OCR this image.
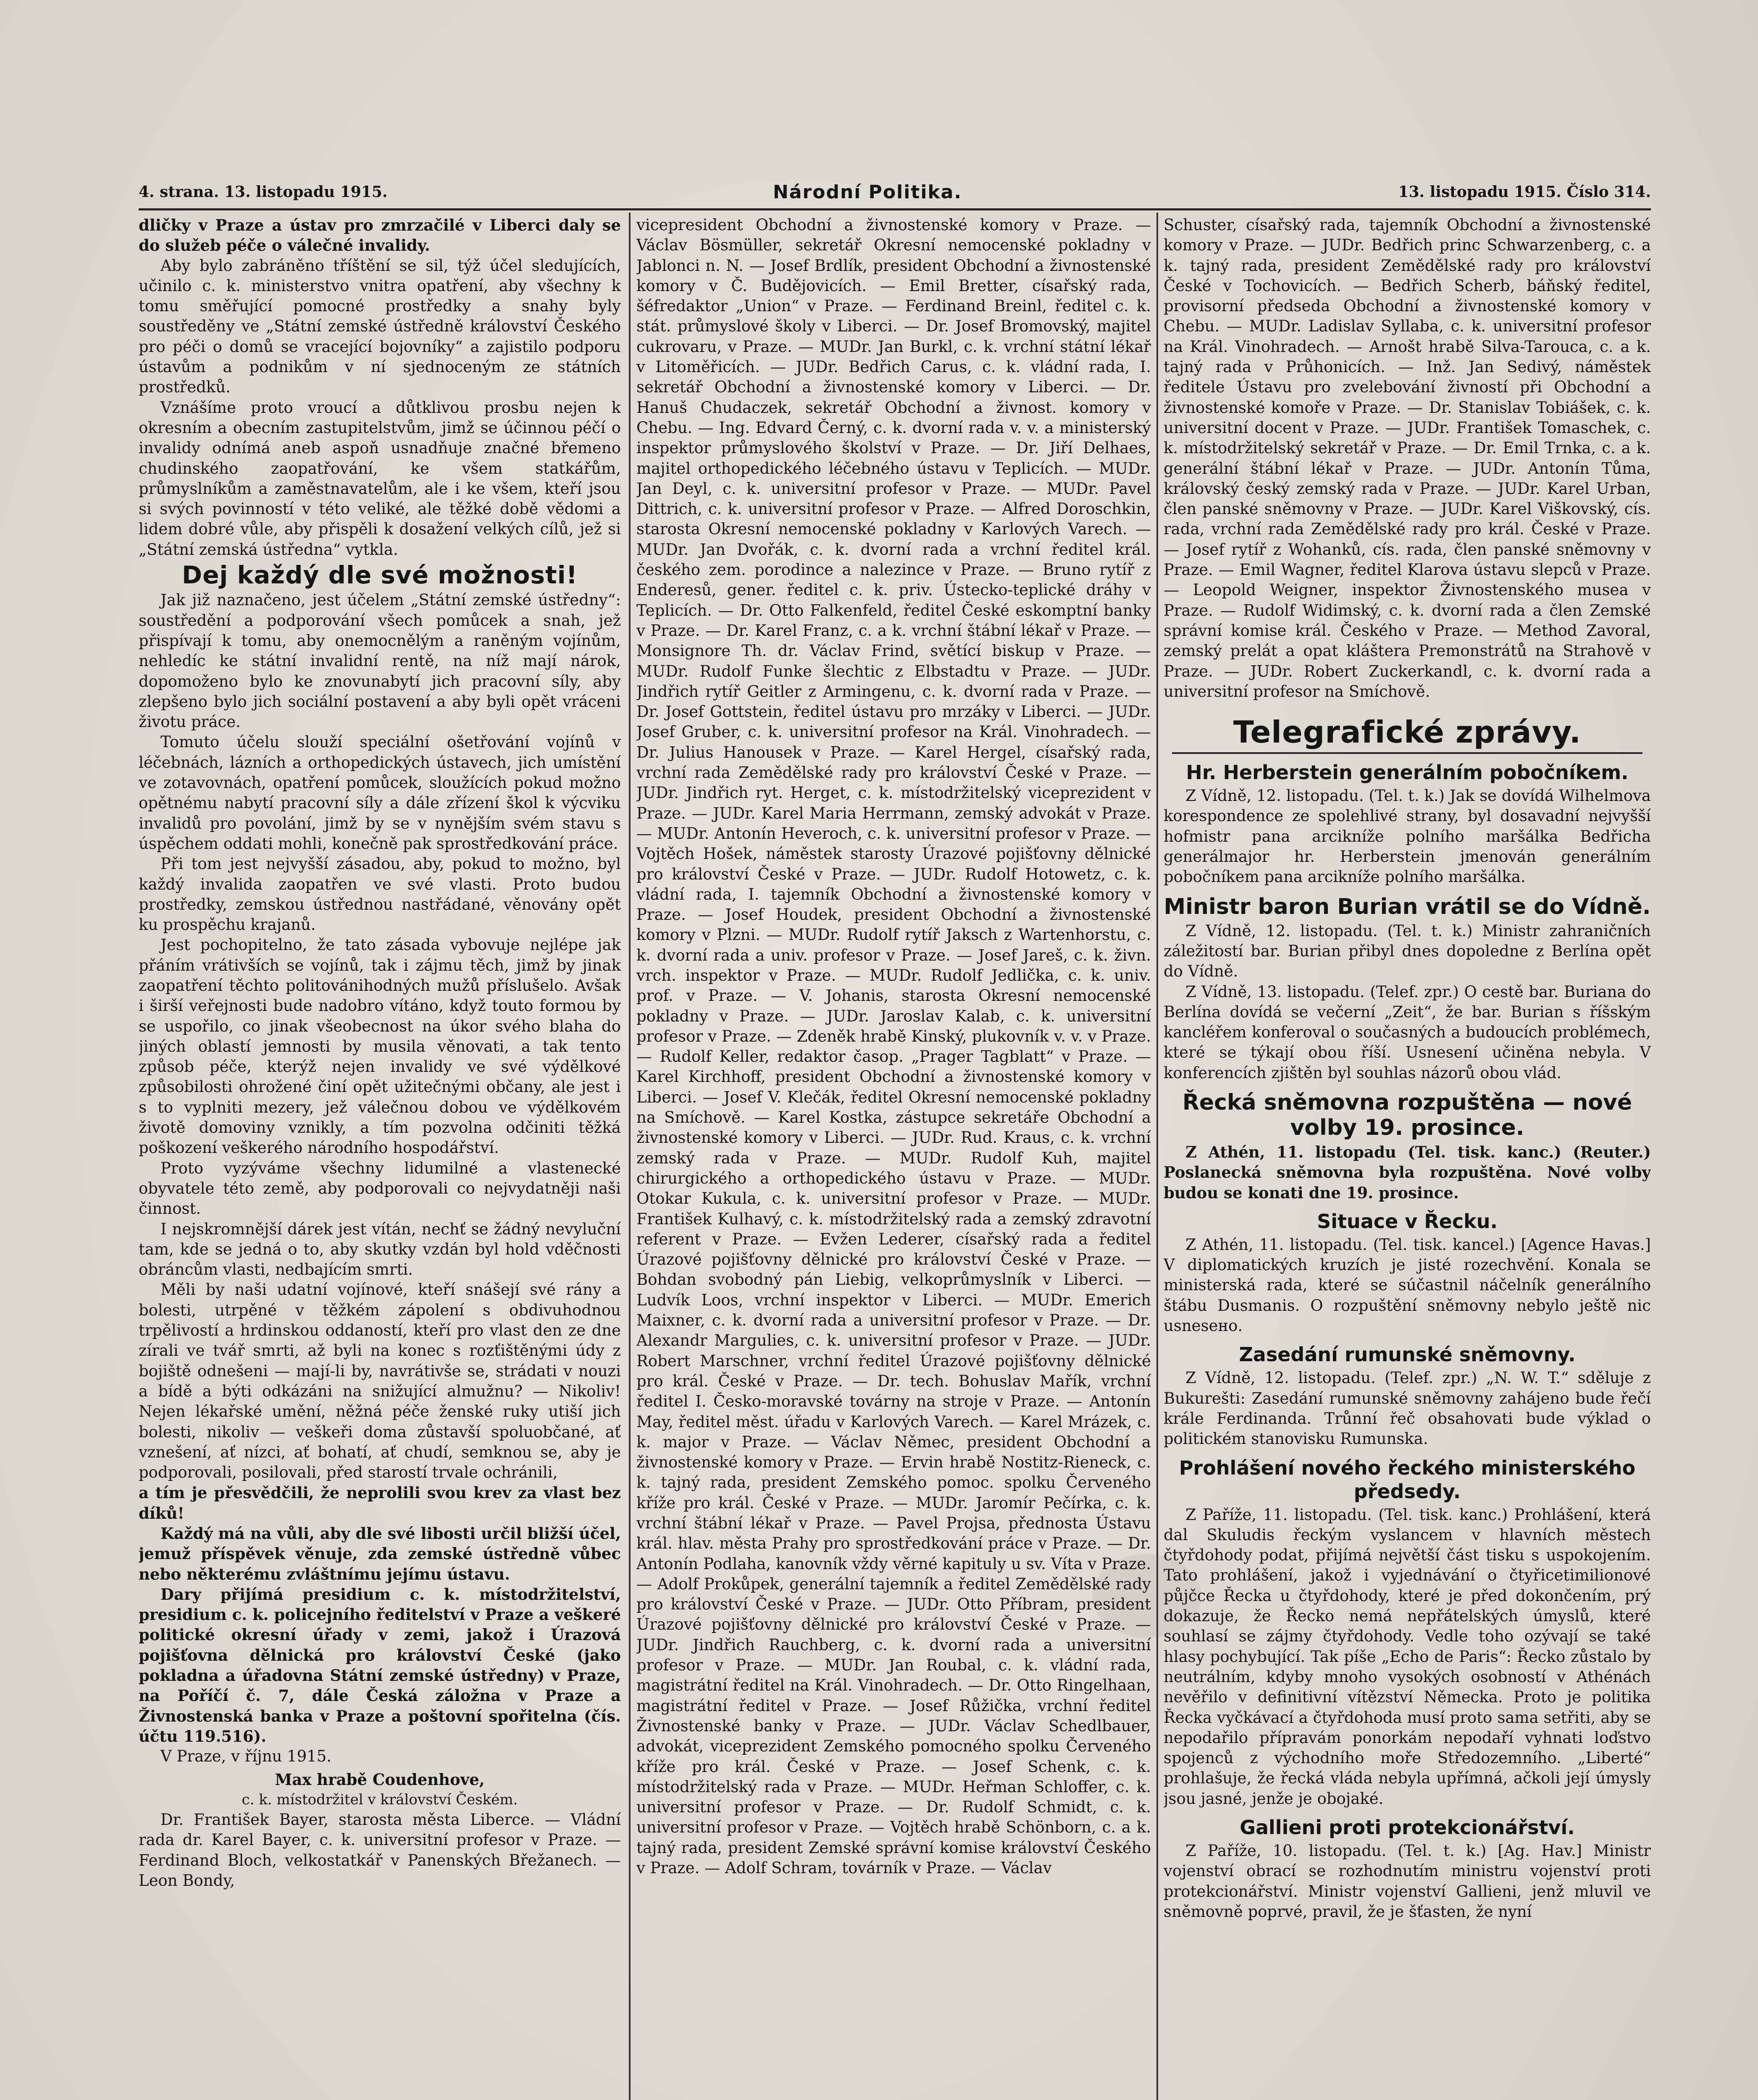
4. strana. 13. listopadu 1915.	Národní Politika.	13. listopadu 1915. Číslo 314.

dličky v Praze a ústav pro zmrzačilé v Liberci daly se do služeb péče o válečné invalidy.

Aby bylo zabráněno tříštění se sil, týž účel sledujících, učinilo c. k. ministerstvo vnitra opatření, aby všechny k tomu směřující pomocné prostředky a snahy byly soustředěny ve „Státní zemské ústředně království Českého pro péči o domů se vracející bojovníky“ a zajistilo podporu ústavům a podnikům v ní sjednoceným ze státních prostředků.

Vznášíme proto vroucí a důtklivou prosbu nejen k okresním a obecním zastupitelstvům, jimž se účinnou péčí o invalidy odnímá aneb aspoň usnadňuje značné břemeno chudinského zaopatřování, ke všem statkářům, průmyslníkům a zaměstnavatelům, ale i ke všem, kteří jsou si svých povinností v této veliké, ale těžké době vědomi a lidem dobré vůle, aby přispěli k dosažení velkých cílů, jež si „Státní zemská ústředna“ vytkla.

Dej každý dle své možnosti!

Jak již naznačeno, jest účelem „Státní zemské ústředny“: soustředění a podporování všech pomůcek a snah, jež přispívají k tomu, aby onemocnělým a raněným vojínům, nehledíc ke státní invalidní rentě, na níž mají nárok, dopomoženo bylo ke znovunabytí jich pracovní síly, aby zlepšeno bylo jich sociální postavení a aby byli opět vráceni životu práce.

Tomuto účelu slouží speciální ošetřování vojínů v léčebnách, lázních a orthopedických ústavech, jich umístění ve zotavovnách, opatření pomůcek, sloužících pokud možno opětnému nabytí pracovní síly a dále zřízení škol k výcviku invalidů pro povolání, jimž by se v nynějším svém stavu s úspěchem oddati mohli, konečně pak sprostředkování práce.

Při tom jest nejvyšší zásadou, aby, pokud to možno, byl každý invalida zaopatřen ve své vlasti. Proto budou prostředky, zemskou ústřednou nastřádané, věnovány opět ku prospěchu krajanů.

Jest pochopitelno, že tato zásada vybovuje nejlépe jak přáním vrátivších se vojínů, tak i zájmu těch, jimž by jinak zaopatření těchto politovánihodných mužů příslušelo. Avšak i širší veřejnosti bude nadobro vítáno, když touto formou by se uspořilo, co jinak všeobecnost na úkor svého blaha do jiných oblastí jemnosti by musila věnovati, a tak tento způsob péče, kterýž nejen invalidy ve své výdělkové způsobilosti ohrožené činí opět užitečnými občany, ale jest i s to vyplniti mezery, jež válečnou dobou ve výdělkovém životě domoviny vznikly, a tím pozvolna odčiniti těžká poškození veškerého národního hospodářství.

Proto vyzýváme všechny lidumilné a vlastenecké obyvatele této země, aby podporovali co nejvydatněji naši činnost.

I nejskromnější dárek jest vítán, nechť se žádný nevyluční tam, kde se jedná o to, aby skutky vzdán byl hold vděčnosti obráncům vlasti, nedbajícím smrti.

Měli by naši udatní vojínové, kteří snášejí své rány a bolesti, utrpěné v těžkém zápolení s obdivuhodnou trpělivostí a hrdinskou oddaností, kteří pro vlast den ze dne zírali ve tvář smrti, až byli na konec s rozťištěnými údy z bojiště odnešeni — mají-li by, navrátivše se, strádati v nouzi a bídě a býti odkázáni na snižující almužnu? — Nikoliv! Nejen lékařské umění, něžná péče ženské ruky utiší jich bolesti, nikoliv — veškeři doma zůstavší spoluobčané, ať vznešení, ať nízci, ať bohatí, ať chudí, semknou se, aby je podporovali, posilovali, před starostí trvale ochránili,

a tím je přesvědčili, že neprolili svou krev za vlast bez díků!

Každý má na vůli, aby dle své libosti určil bližší účel, jemuž příspěvek věnuje, zda zemské ústředně vůbec nebo některému zvláštnímu jejímu ústavu.

Dary přijímá presidium c. k. místodržitelství, presidium c. k. policejního ředitelství v Praze a veškeré politické okresní úřady v zemi, jakož i Úrazová pojišťovna dělnická pro království České (jako pokladna a úřadovna Státní zemské ústředny) v Praze, na Poříčí č. 7, dále Česká záložna v Praze a Živnostenská banka v Praze a poštovní spořitelna (čís. účtu 119.516).

V Praze, v říjnu 1915.

Max hrabě Coudenhove,
c. k. místodržitel v království Českém.

Dr. František Bayer, starosta města Liberce. — Vládní rada dr. Karel Bayer, c. k. universitní profesor v Praze. — Ferdinand Bloch, velkostatkář v Panenských Břežanech. — Leon Bondy,

vicepresident Obchodní a živnostenské komory v Praze. — Václav Bösmüller, sekretář Okresní nemocenské pokladny v Jablonci n. N. — Josef Brdlík, president Obchodní a živnostenské komory v Č. Budějovicích. — Emil Bretter, císařský rada, šéfredaktor „Union“ v Praze. — Ferdinand Breinl, ředitel c. k. stát. průmyslové školy v Liberci. — Dr. Josef Bromovský, majitel cukrovaru, v Praze. — MUDr. Jan Burkl, c. k. vrchní státní lékař v Litoměřicích. — JUDr. Bedřich Carus, c. k. vládní rada, I. sekretář Obchodní a živnostenské komory v Liberci. — Dr. Hanuš Chudaczek, sekretář Obchodní a živnost. komory v Chebu. — Ing. Edvard Černý, c. k. dvorní rada v. v. a ministerský inspektor průmyslového školství v Praze. — Dr. Jiří Delhaes, majitel orthopedického léčebného ústavu v Teplicích. — MUDr. Jan Deyl, c. k. universitní profesor v Praze. — MUDr. Pavel Dittrich, c. k. universitní profesor v Praze. — Alfred Doroschkin, starosta Okresní nemocenské pokladny v Karlových Varech. — MUDr. Jan Dvořák, c. k. dvorní rada a vrchní ředitel král. českého zem. porodince a nalezince v Praze. — Bruno rytíř z Enderesů, gener. ředitel c. k. priv. Ústecko-teplické dráhy v Teplicích. — Dr. Otto Falkenfeld, ředitel České eskomptní banky v Praze. — Dr. Karel Franz, c. a k. vrchní štábní lékař v Praze. — Monsignore Th. dr. Václav Frind, světící biskup v Praze. — MUDr. Rudolf Funke šlechtic z Elbstadtu v Praze. — JUDr. Jindřich rytíř Geitler z Armingenu, c. k. dvorní rada v Praze. — Dr. Josef Gottstein, ředitel ústavu pro mrzáky v Liberci. — JUDr. Josef Gruber, c. k. universitní profesor na Král. Vinohradech. — Dr. Julius Hanousek v Praze. — Karel Hergel, císařský rada, vrchní rada Zemědělské rady pro království České v Praze. — JUDr. Jindřich ryt. Herget, c. k. místodržitelský viceprezident v Praze. — JUDr. Karel Maria Herrmann, zemský advokát v Praze. — MUDr. Antonín Heveroch, c. k. universitní profesor v Praze. — Vojtěch Hošek, náměstek starosty Úrazové pojišťovny dělnické pro království České v Praze. — JUDr. Rudolf Hotowetz, c. k. vládní rada, I. tajemník Obchodní a živnostenské komory v Praze. — Josef Houdek, president Obchodní a živnostenské komory v Plzni. — MUDr. Rudolf rytíř Jaksch z Wartenhorstu, c. k. dvorní rada a univ. profesor v Praze. — Josef Jareš, c. k. živn. vrch. inspektor v Praze. — MUDr. Rudolf Jedlička, c. k. univ. prof. v Praze. — V. Johanis, starosta Okresní nemocenské pokladny v Praze. — JUDr. Jaroslav Kalab, c. k. universitní profesor v Praze. — Zdeněk hrabě Kinský, plukovník v. v. v Praze. — Rudolf Keller, redaktor časop. „Prager Tagblatt“ v Praze. — Karel Kirchhoff, president Obchodní a živnostenské komory v Liberci. — Josef V. Klečák, ředitel Okresní nemocenské pokladny na Smíchově. — Karel Kostka, zástupce sekretáře Obchodní a živnostenské komory v Liberci. — JUDr. Rud. Kraus, c. k. vrchní zemský rada v Praze. — MUDr. Rudolf Kuh, majitel chirurgického a orthopedického ústavu v Praze. — MUDr. Otokar Kukula, c. k. universitní profesor v Praze. — MUDr. František Kulhavý, c. k. místodržitelský rada a zemský zdravotní referent v Praze. — Evžen Lederer, císařský rada a ředitel Úrazové pojišťovny dělnické pro království České v Praze. — Bohdan svobodný pán Liebig, velkoprůmyslník v Liberci. — Ludvík Loos, vrchní inspektor v Liberci. — MUDr. Emerich Maixner, c. k. dvorní rada a universitní profesor v Praze. — Dr. Alexandr Margulies, c. k. universitní profesor v Praze. — JUDr. Robert Marschner, vrchní ředitel Úrazové pojišťovny dělnické pro král. České v Praze. — Dr. tech. Bohuslav Mařík, vrchní ředitel I. Česko-moravské továrny na stroje v Praze. — Antonín May, ředitel měst. úřadu v Karlových Varech. — Karel Mrázek, c. k. major v Praze. — Václav Němec, president Obchodní a živnostenské komory v Praze. — Ervin hrabě Nostitz-Rieneck, c. k. tajný rada, president Zemského pomoc. spolku Červeného kříže pro král. České v Praze. — MUDr. Jaromír Pečírka, c. k. vrchní štábní lékař v Praze. — Pavel Projsa, přednosta Ústavu král. hlav. města Prahy pro sprostředkování práce v Praze. — Dr. Antonín Podlaha, kanovník vždy věrné kapituly u sv. Víta v Praze. — Adolf Prokůpek, generální tajemník a ředitel Zemědělské rady pro království České v Praze. — JUDr. Otto Příbram, president Úrazové pojišťovny dělnické pro království České v Praze. — JUDr. Jindřich Rauchberg, c. k. dvorní rada a universitní profesor v Praze. — MUDr. Jan Roubal, c. k. vládní rada, magistrátní ředitel na Král. Vinohradech. — Dr. Otto Ringelhaan, magistrátní ředitel v Praze. — Josef Růžička, vrchní ředitel Živnostenské banky v Praze. — JUDr. Václav Schedlbauer, advokát, viceprezident Zemského pomocného spolku Červeného kříže pro král. České v Praze. — Josef Schenk, c. k. místodržitelský rada v Praze. — MUDr. Heřman Schloffer, c. k. universitní profesor v Praze. — Dr. Rudolf Schmidt, c. k. universitní profesor v Praze. — Vojtěch hrabě Schönborn, c. a k. tajný rada, president Zemské správní komise království Českého v Praze. — Adolf Schram, továrník v Praze. — Václav

Schuster, císařský rada, tajemník Obchodní a živnostenské komory v Praze. — JUDr. Bedřich princ Schwarzenberg, c. a k. tajný rada, president Zemědělské rady pro království České v Tochovicích. — Bedřich Scherb, báňský ředitel, provisorní předseda Obchodní a živnostenské komory v Chebu. — MUDr. Ladislav Syllaba, c. k. universitní profesor na Král. Vinohradech. — Arnošt hrabě Silva-Tarouca, c. a k. tajný rada v Průhonicích. — Inž. Jan Sedivý, náměstek ředitele Ústavu pro zvelebování živností při Obchodní a živnostenské komoře v Praze. — Dr. Stanislav Tobiášek, c. k. universitní docent v Praze. — JUDr. František Tomaschek, c. k. místodržitelský sekretář v Praze. — Dr. Emil Trnka, c. a k. generální štábní lékař v Praze. — JUDr. Antonín Tůma, královský český zemský rada v Praze. — JUDr. Karel Urban, člen panské sněmovny v Praze. — JUDr. Karel Viškovský, cís. rada, vrchní rada Zemědělské rady pro král. České v Praze. — Josef rytíř z Wohanků, cís. rada, člen panské sněmovny v Praze. — Emil Wagner, ředitel Klarova ústavu slepců v Praze. — Leopold Weigner, inspektor Živnostenského musea v Praze. — Rudolf Widimský, c. k. dvorní rada a člen Zemské správní komise král. Českého v Praze. — Method Zavoral, zemský prelát a opat kláštera Premonstrátů na Strahově v Praze. — JUDr. Robert Zuckerkandl, c. k. dvorní rada a universitní profesor na Smíchově.

Telegrafické zprávy.
Hr. Herberstein generálním pobočníkem.

Z Vídně, 12. listopadu. (Tel. t. k.) Jak se dovídá Wilhelmova korespondence ze spolehlivé strany, byl dosavadní nejvyšší hofmistr pana arcikníže polního maršálka Bedřicha generálmajor hr. Herberstein jmenován generálním pobočníkem pana arcikníže polního maršálka.

Ministr baron Burian vrátil se do Vídně.

Z Vídně, 12. listopadu. (Tel. t. k.) Ministr zahraničních záležitostí bar. Burian přibyl dnes dopoledne z Berlína opět do Vídně.

Z Vídně, 13. listopadu. (Telef. zpr.) O cestě bar. Buriana do Berlína dovídá se večerní „Zeit“, že bar. Burian s říšským kancléřem konferoval o současných a budoucích problémech, které se týkají obou říší. Usnesení učiněna nebyla. V konferencích zjištěn byl souhlas názorů obou vlád.

Řecká sněmovna rozpuštěna — nové volby 19. prosince.

Z Athén, 11. listopadu (Tel. tisk. kanc.) (Reuter.) Poslanecká sněmovna byla rozpuštěna. Nové volby budou se konati dne 19. prosince.

Situace v Řecku.

Z Athén, 11. listopadu. (Tel. tisk. kancel.) [Agence Havas.] V diplomatických kruzích je jisté rozechvění. Konala se ministerská rada, které se súčastnil náčelník generálního štábu Dusmanis. O rozpuštění sněmovny nebylo ještě nic usnesено.

Zasedání rumunské sněmovny.

Z Vídně, 12. listopadu. (Telef. zpr.) „N. W. T.“ sděluje z Bukurešti: Zasedání rumunské sněmovny zahájeno bude řečí krále Ferdinanda. Trůnní řeč obsahovati bude výklad o politickém stanovisku Rumunska.

Prohlášení nového řeckého ministerského předsedy.

Z Paříže, 11. listopadu. (Tel. tisk. kanc.) Prohlášení, která dal Skuludis řeckým vyslancem v hlavních městech čtyřdohody podat, přijímá největší část tisku s uspokojením. Tato prohlášení, jakož i vyjednávání o čtyřicetimilionové půjčce Řecka u čtyřdohody, které je před dokončením, prý dokazuje, že Řecko nemá nepřátelských úmyslů, které souhlasí se zájmy čtyřdohody. Vedle toho ozývají se také hlasy pochybující. Tak píše „Echo de Paris“: Řecko zůstalo by neutrálním, kdyby mnoho vysokých osobností v Athénách nevěřilo v definitivní vítězství Německa. Proto je politika Řecka vyčkávací a čtyřdohoda musí proto sama setřiti, aby se nepodařilo přípravám ponorkám nepodaří vyhnati loďstvo spojenců z východního moře Středozemního. „Liberté“ prohlašuje, že řecká vláda nebyla upřímná, ačkoli její úmysly jsou jasné, jenže je obojaké.

Gallieni proti protekcionářství.

Z Paříže, 10. listopadu. (Tel. t. k.) [Ag. Hav.] Ministr vojenství obrací se rozhodnutím ministru vojenství proti protekcionářství. Ministr vojenství Gallieni, jenž mluvil ve sněmovně poprvé, pravil, že je šťasten, že nyní
